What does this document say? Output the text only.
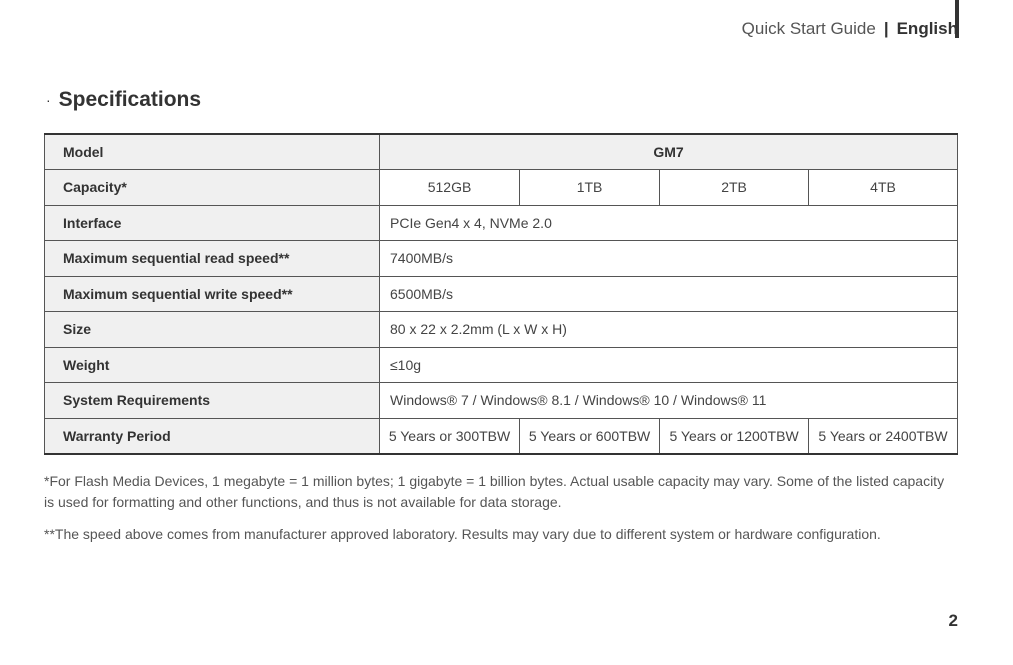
Quick Start Guide | English
· Specifications
Model	GM7			
Capacity*	512GB	1TB	2TB	4TB
Interface	PCIe Gen4 x 4, NVMe 2.0			
Maximum sequential read speed**	7400MB/s			
Maximum sequential write speed**	6500MB/s			
Size	80 x 22 x 2.2mm (L x W x H)			
Weight	≤10g			
System Requirements	Windows® 7 / Windows® 8.1 / Windows® 10 / Windows® 11			
Warranty Period	5 Years or 300TBW	5 Years or 600TBW	5 Years or 1200TBW	5 Years or 2400TBW
*For Flash Media Devices, 1 megabyte = 1 million bytes; 1 gigabyte = 1 billion bytes. Actual usable capacity may vary. Some of the listed capacity is used for formatting and other functions, and thus is not available for data storage.
**The speed above comes from manufacturer approved laboratory. Results may vary due to different system or hardware configuration.
2
